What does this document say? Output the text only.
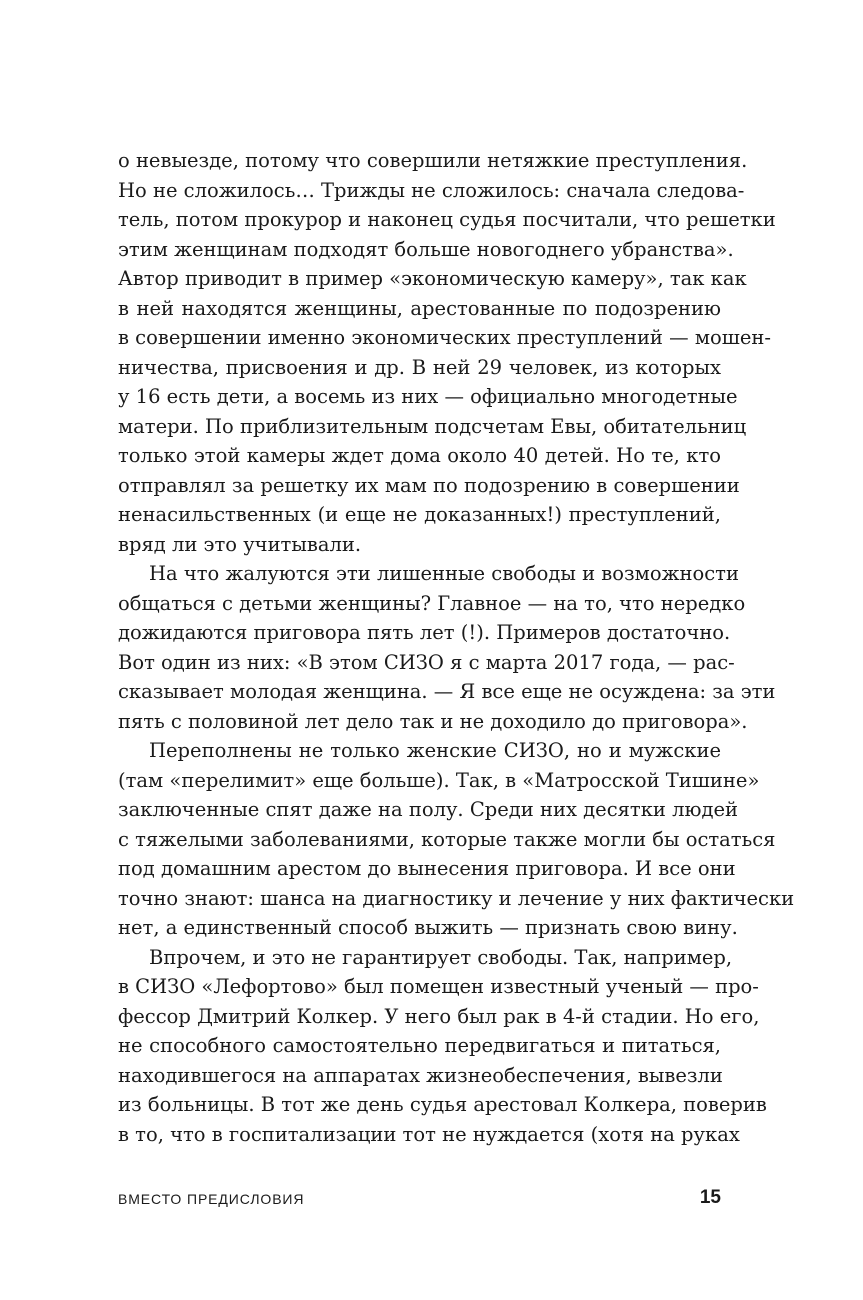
о невыезде, потому что совершили нетяжкие преступления.
Но не сложилось… Трижды не сложилось: сначала следова-
тель, потом прокурор и наконец судья посчитали, что решетки
этим женщинам подходят больше новогоднего убранства».
Автор приводит в пример «экономическую камеру», так как
в ней находятся женщины, арестованные по подозрению
в совершении именно экономических преступлений — мошен-
ничества, присвоения и др. В ней 29 человек, из которых
у 16 есть дети, а восемь из них — официально многодетные
матери. По приблизительным подсчетам Евы, обитательниц
только этой камеры ждет дома около 40 детей. Но те, кто
отправлял за решетку их мам по подозрению в совершении
ненасильственных (и еще не доказанных!) преступлений,
вряд ли это учитывали.
На что жалуются эти лишенные свободы и возможности
общаться с детьми женщины? Главное — на то, что нередко
дожидаются приговора пять лет (!). Примеров достаточно.
Вот один из них: «В этом СИЗО я с марта 2017 года, — рас-
сказывает молодая женщина. — Я все еще не осуждена: за эти
пять с половиной лет дело так и не доходило до приговора».
Переполнены не только женские СИЗО, но и мужские
(там «перелимит» еще больше). Так, в «Матросской Тишине»
заключенные спят даже на полу. Среди них десятки людей
с тяжелыми заболеваниями, которые также могли бы остаться
под домашним арестом до вынесения приговора. И все они
точно знают: шанса на диагностику и лечение у них фактически
нет, а единственный способ выжить — признать свою вину.
Впрочем, и это не гарантирует свободы. Так, например,
в СИЗО «Лефортово» был помещен известный ученый — про-
фессор Дмитрий Колкер. У него был рак в 4-й стадии. Но его,
не способного самостоятельно передвигаться и питаться,
находившегося на аппаратах жизнеобеспечения, вывезли
из больницы. В тот же день судья арестовал Колкера, поверив
в то, что в госпитализации тот не нуждается (хотя на руках
ВМЕСТО ПРЕДИСЛОВИЯ	15
